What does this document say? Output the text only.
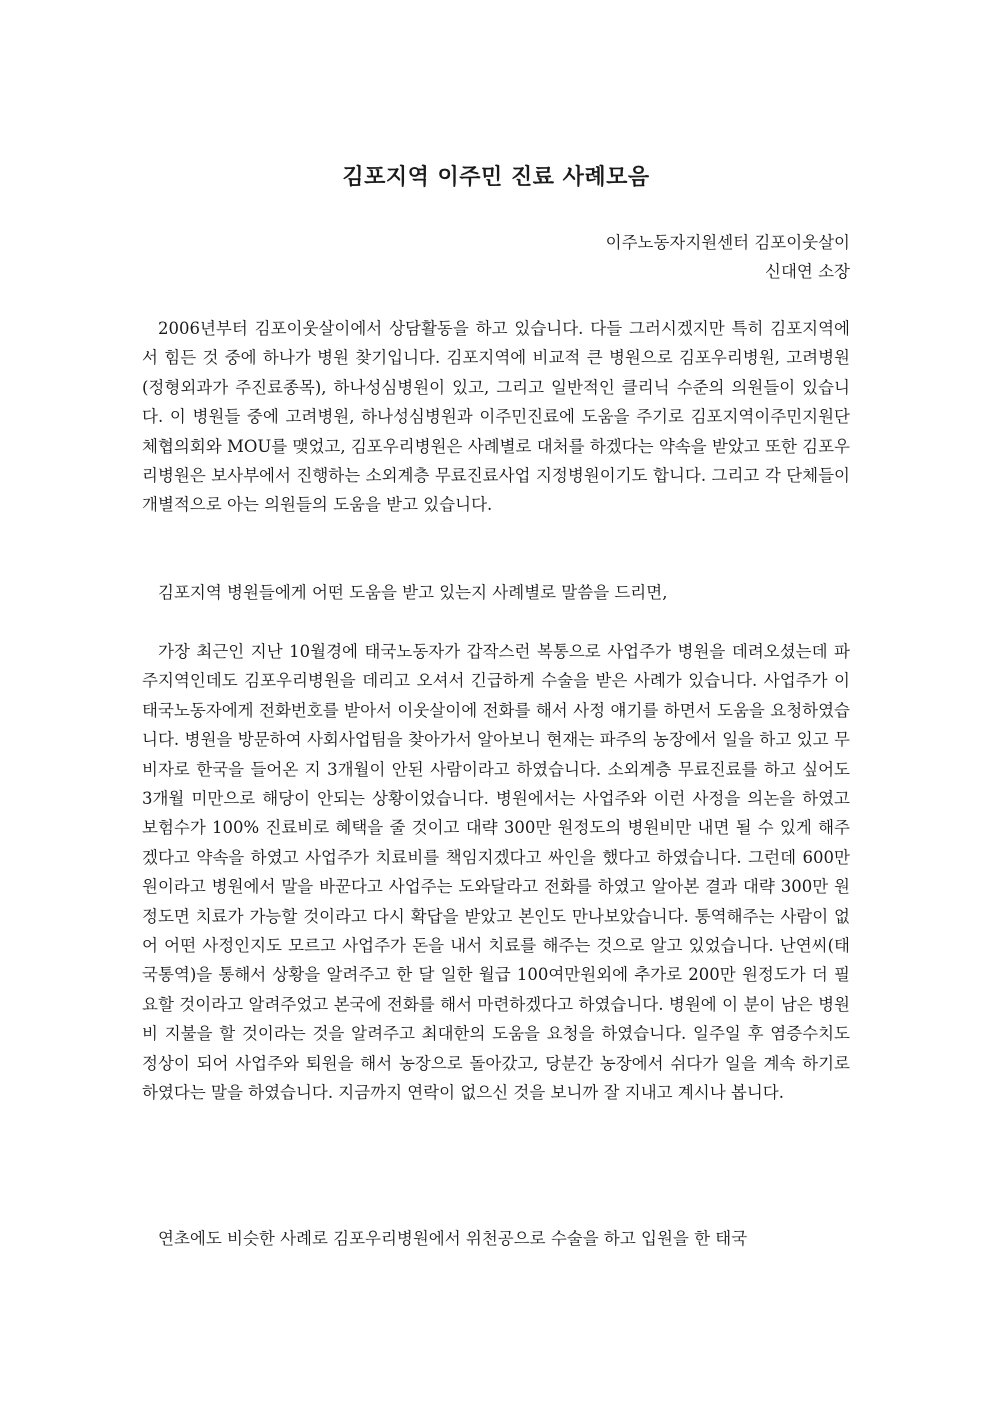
김포지역 이주민 진료 사례모음
이주노동자지원센터 김포이웃살이
신대연 소장

2006년부터 김포이웃살이에서 상담활동을 하고 있습니다. 다들 그러시겠지만 특히 김포지역에서 힘든 것 중에 하나가 병원 찾기입니다. 김포지역에 비교적 큰 병원으로 김포우리병원, 고려병원(정형외과가 주진료종목), 하나성심병원이 있고, 그리고 일반적인 클리닉 수준의 의원들이 있습니다. 이 병원들 중에 고려병원, 하나성심병원과 이주민진료에 도움을 주기로 김포지역이주민지원단체협의회와 MOU를 맺었고, 김포우리병원은 사례별로 대처를 하겠다는 약속을 받았고 또한 김포우리병원은 보사부에서 진행하는 소외계층 무료진료사업 지정병원이기도 합니다. 그리고 각 단체들이 개별적으로 아는 의원들의 도움을 받고 있습니다.

김포지역 병원들에게 어떤 도움을 받고 있는지 사례별로 말씀을 드리면,

가장 최근인 지난 10월경에 태국노동자가 갑작스런 복통으로 사업주가 병원을 데려오셨는데 파주지역인데도 김포우리병원을 데리고 오셔서 긴급하게 수술을 받은 사례가 있습니다. 사업주가 이 태국노동자에게 전화번호를 받아서 이웃살이에 전화를 해서 사정 얘기를 하면서 도움을 요청하였습니다. 병원을 방문하여 사회사업팀을 찾아가서 알아보니 현재는 파주의 농장에서 일을 하고 있고 무비자로 한국을 들어온 지 3개월이 안된 사람이라고 하였습니다. 소외계층 무료진료를 하고 싶어도 3개월 미만으로 해당이 안되는 상황이었습니다. 병원에서는 사업주와 이런 사정을 의논을 하였고 보험수가 100% 진료비로 혜택을 줄 것이고 대략 300만 원정도의 병원비만 내면 될 수 있게 해주겠다고 약속을 하였고 사업주가 치료비를 책임지겠다고 싸인을 했다고 하였습니다. 그런데 600만원이라고 병원에서 말을 바꾼다고 사업주는 도와달라고 전화를 하였고 알아본 결과 대략 300만 원정도면 치료가 가능할 것이라고 다시 확답을 받았고 본인도 만나보았습니다. 통역해주는 사람이 없어 어떤 사정인지도 모르고 사업주가 돈을 내서 치료를 해주는 것으로 알고 있었습니다. 난연씨(태국통역)을 통해서 상황을 알려주고 한 달 일한 월급 100여만원외에 추가로 200만 원정도가 더 필요할 것이라고 알려주었고 본국에 전화를 해서 마련하겠다고 하였습니다. 병원에 이 분이 남은 병원비 지불을 할 것이라는 것을 알려주고 최대한의 도움을 요청을 하였습니다. 일주일 후 염증수치도 정상이 되어 사업주와 퇴원을 해서 농장으로 돌아갔고, 당분간 농장에서 쉬다가 일을 계속 하기로 하였다는 말을 하였습니다. 지금까지 연락이 없으신 것을 보니까 잘 지내고 계시나 봅니다.

연초에도 비슷한 사례로 김포우리병원에서 위천공으로 수술을 하고 입원을 한 태국
